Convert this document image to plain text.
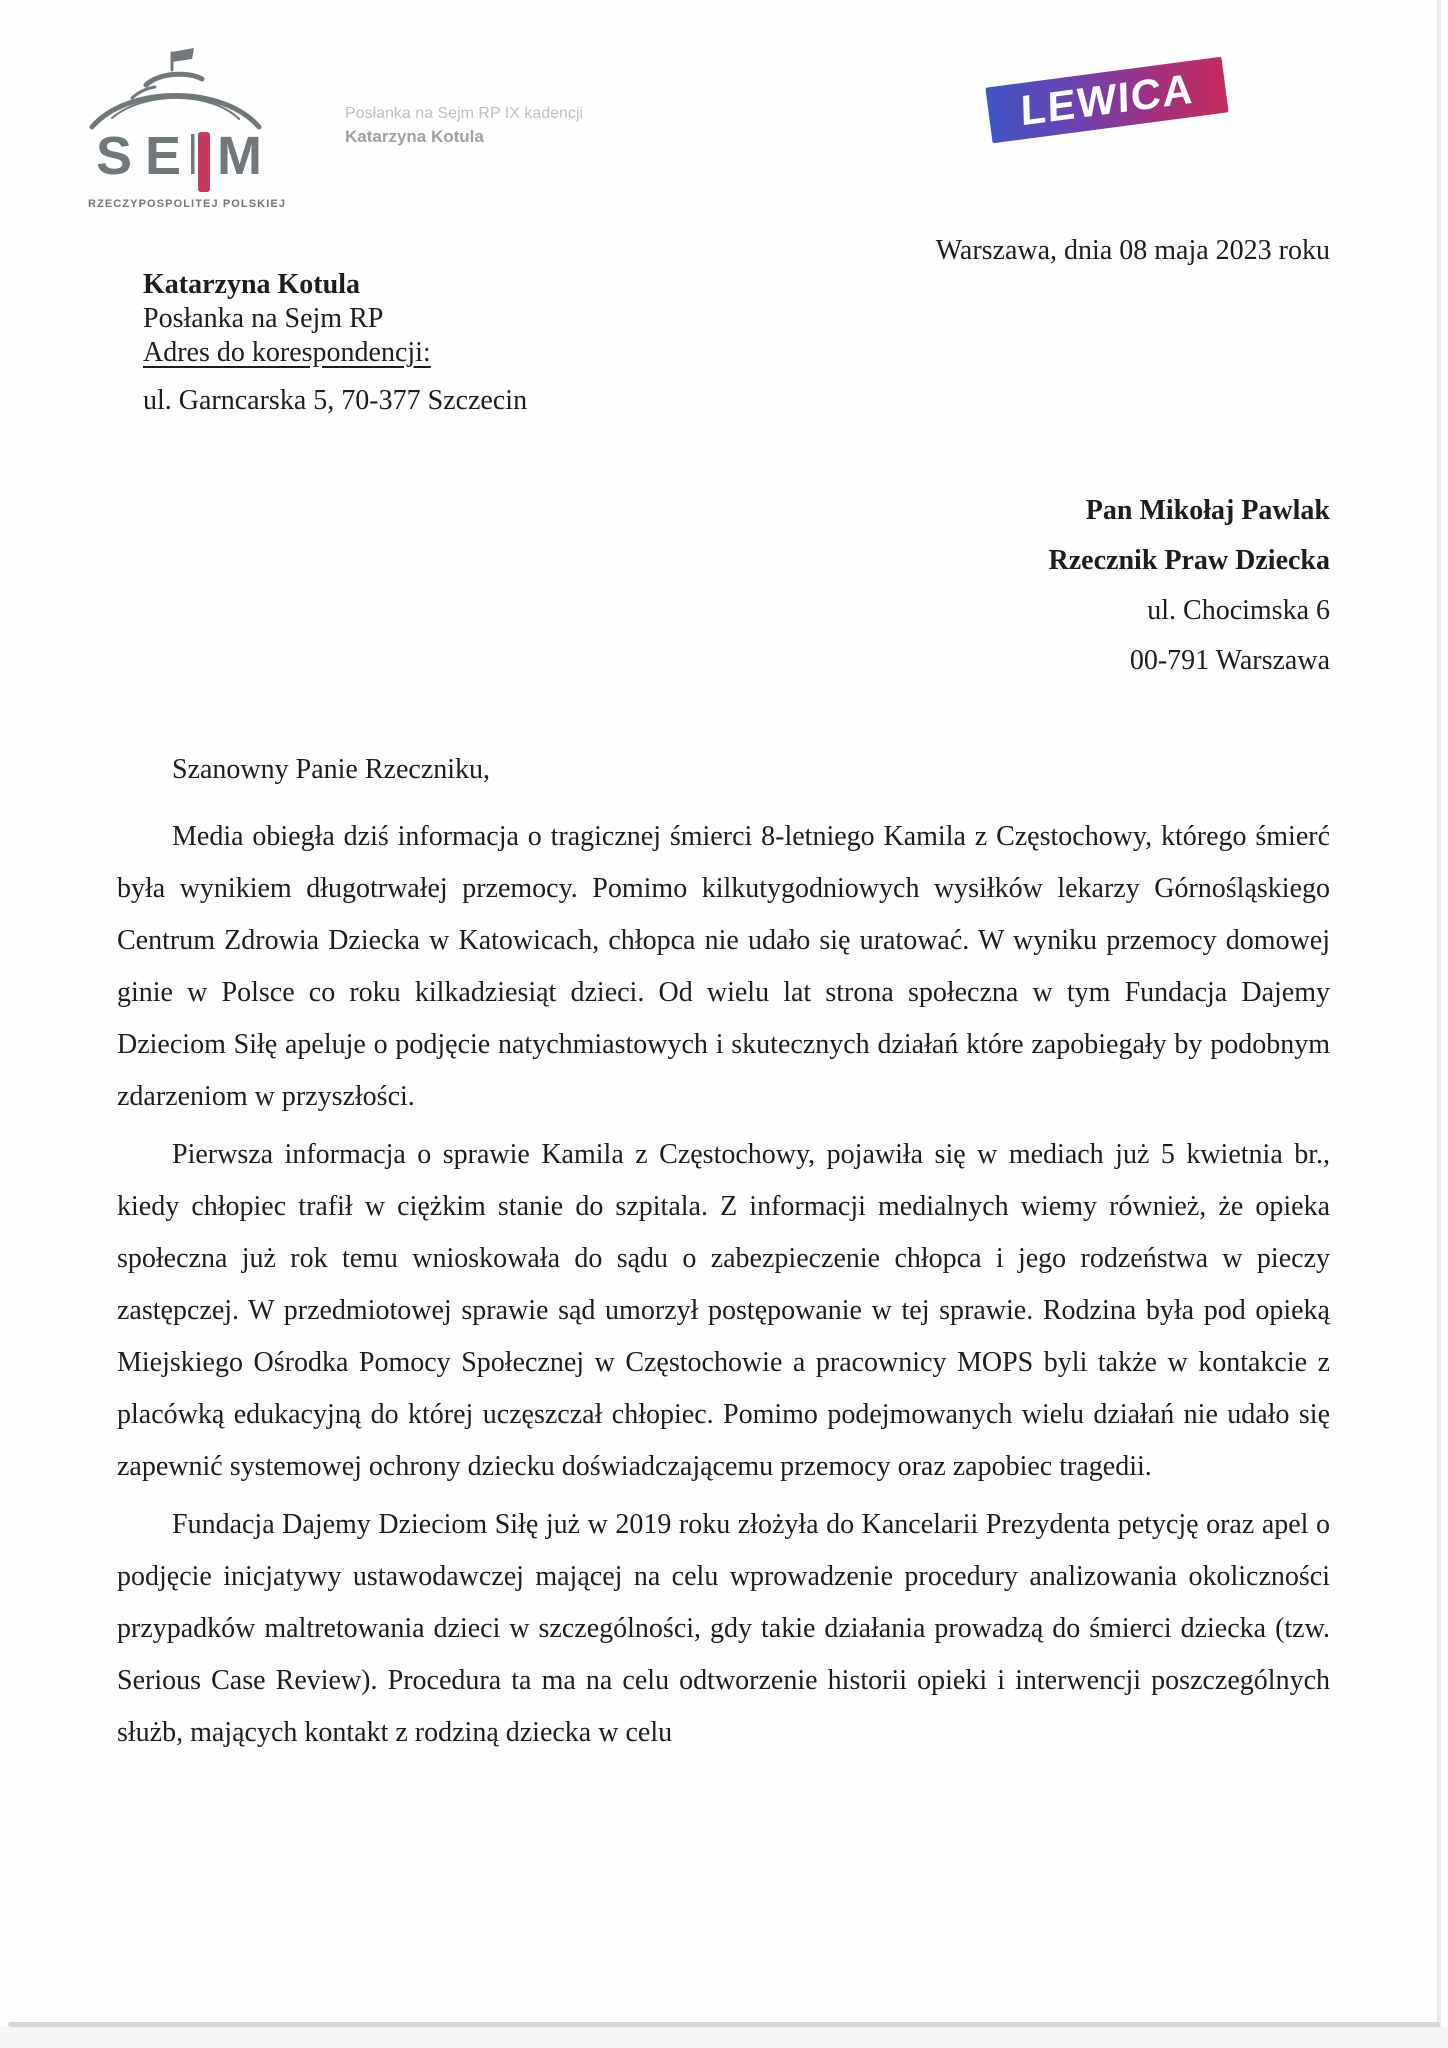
S E M
RZECZYPOSPOLITEJ POLSKIEJ
Posłanka na Sejm RP IX kadencji
Katarzyna Kotula
LEWICA
Warszawa, dnia 08 maja 2023 roku
Katarzyna Kotula
Posłanka na Sejm RP
Adres do korespondencji:
ul. Garncarska 5, 70-377 Szczecin
Pan Mikołaj Pawlak
Rzecznik Praw Dziecka
ul. Chocimska 6
00-791 Warszawa

Szanowny Panie Rzeczniku,

Media obiegła dziś informacja o tragicznej śmierci 8-letniego Kamila z Częstochowy, którego śmierć była wynikiem długotrwałej przemocy. Pomimo kilkutygodniowych wysiłków lekarzy Górnośląskiego Centrum Zdrowia Dziecka w Katowicach, chłopca nie udało się uratować. W wyniku przemocy domowej ginie w Polsce co roku kilkadziesiąt dzieci. Od wielu lat strona społeczna w tym Fundacja Dajemy Dzieciom Siłę apeluje o podjęcie natychmiastowych i skutecznych działań które zapobiegały by podobnym zdarzeniom w przyszłości.

Pierwsza informacja o sprawie Kamila z Częstochowy, pojawiła się w mediach już 5 kwietnia br., kiedy chłopiec trafił w ciężkim stanie do szpitala. Z informacji medialnych wiemy również, że opieka społeczna już rok temu wnioskowała do sądu o zabezpieczenie chłopca i jego rodzeństwa w pieczy zastępczej. W przedmiotowej sprawie sąd umorzył postępowanie w tej sprawie. Rodzina była pod opieką Miejskiego Ośrodka Pomocy Społecznej w Częstochowie a pracownicy MOPS byli także w kontakcie z placówką edukacyjną do której uczęszczał chłopiec. Pomimo podejmowanych wielu działań nie udało się zapewnić systemowej ochrony dziecku doświadczającemu przemocy oraz zapobiec tragedii.

Fundacja Dajemy Dzieciom Siłę już w 2019 roku złożyła do Kancelarii Prezydenta petycję oraz apel o podjęcie inicjatywy ustawodawczej mającej na celu wprowadzenie procedury analizowania okoliczności przypadków maltretowania dzieci w szczególności, gdy takie działania prowadzą do śmierci dziecka (tzw. Serious Case Review). Procedura ta ma na celu odtworzenie historii opieki i interwencji poszczególnych służb, mających kontakt z rodziną dziecka w celu
